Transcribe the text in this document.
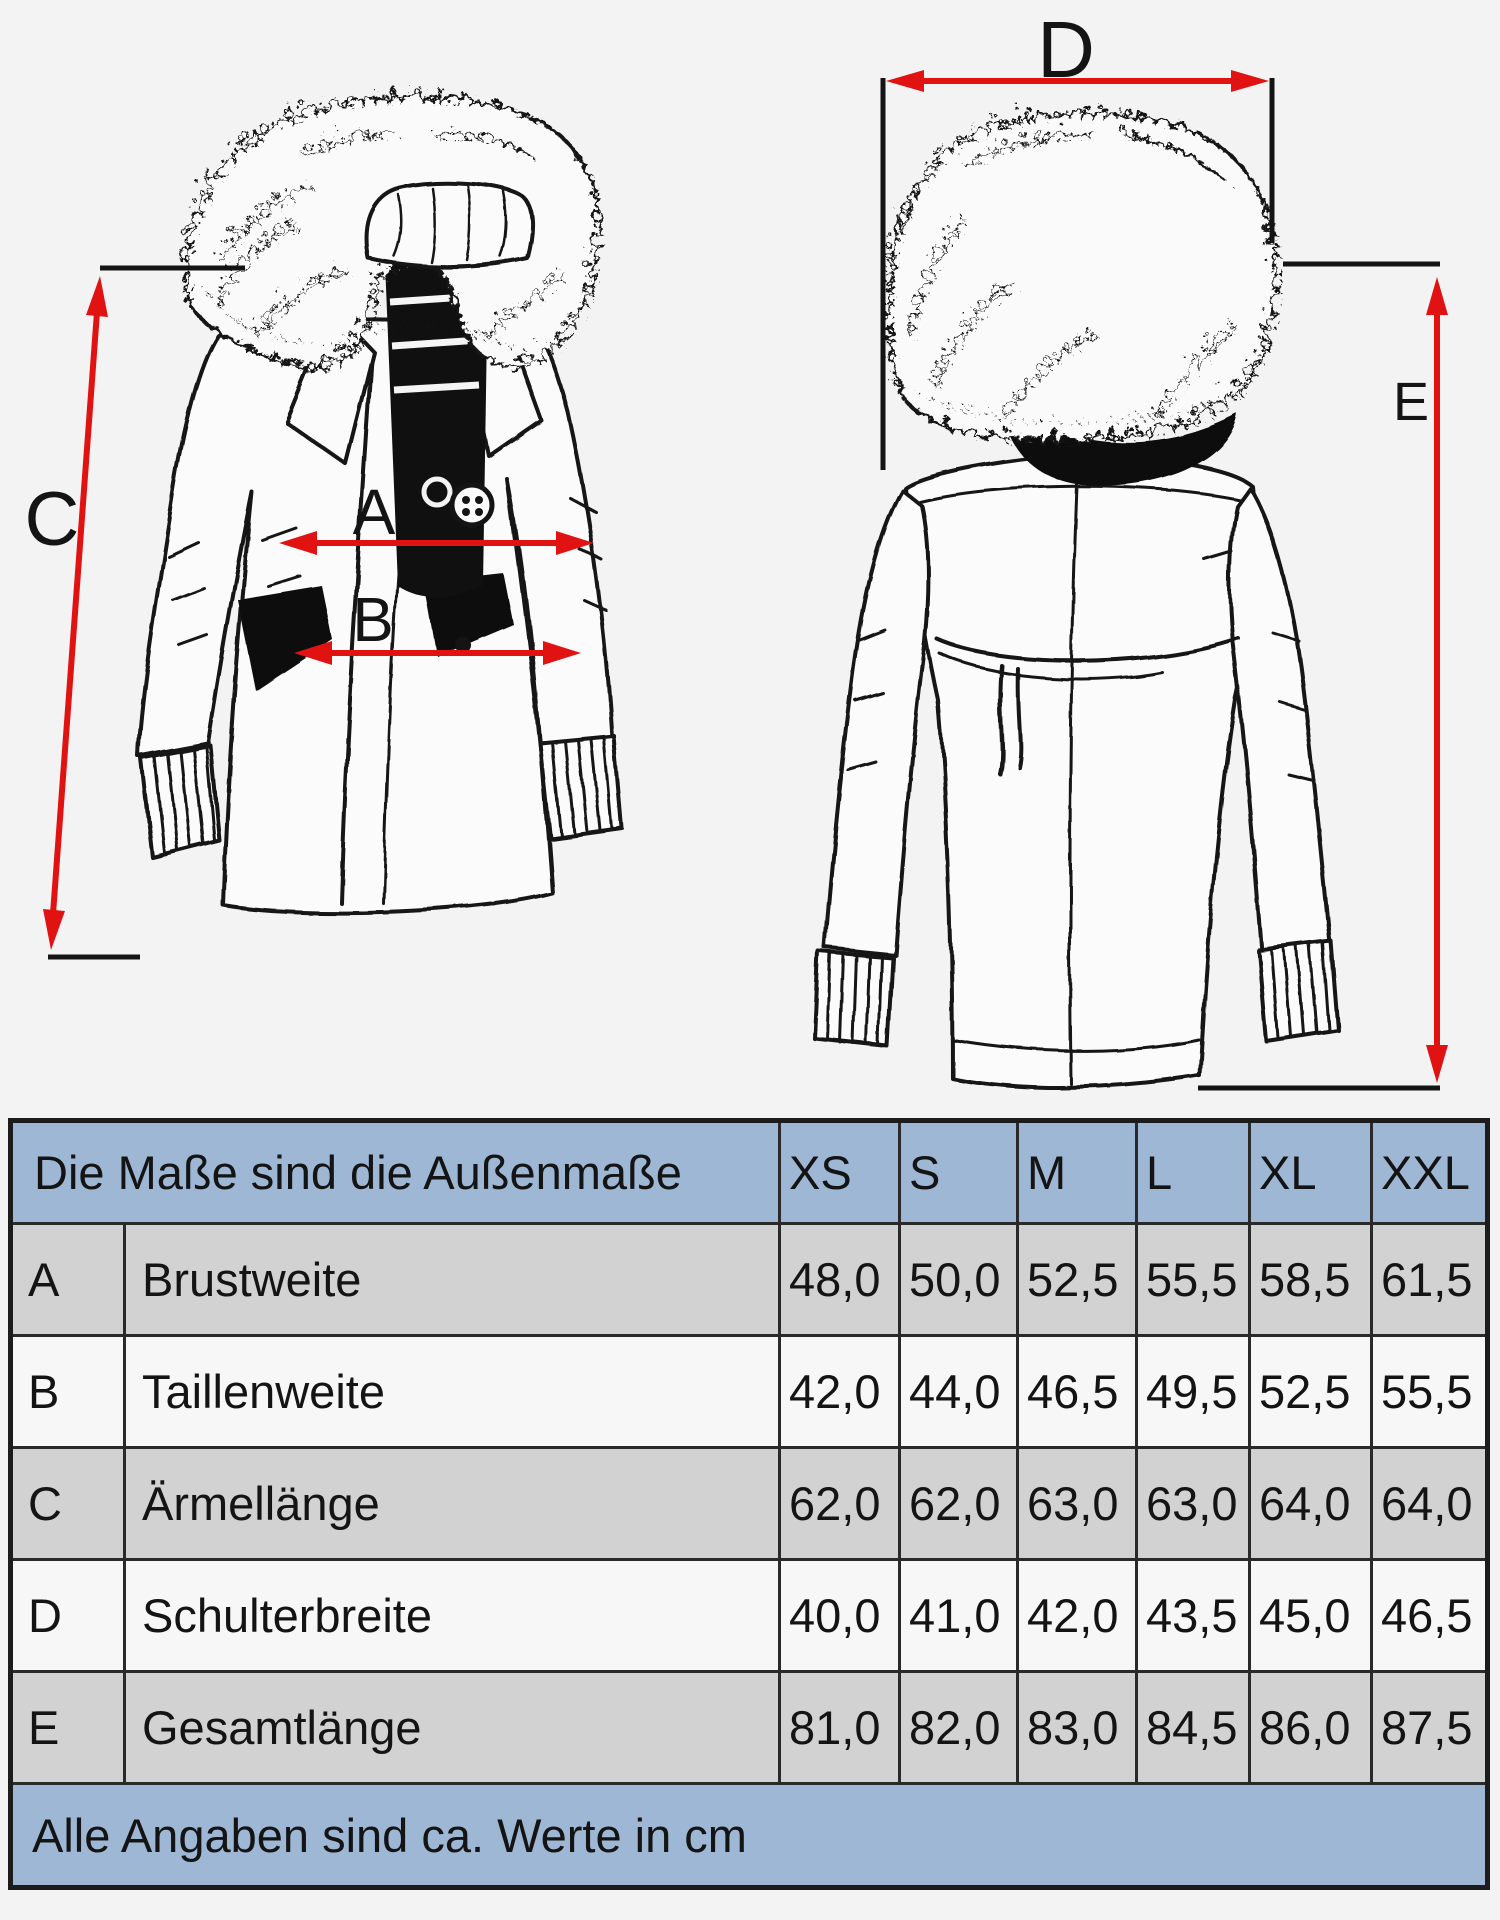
A
B
C
D
E
Die Maße sind die Außenmaße		XS	S	M	L	XL	XXL
A	Brustweite	48,0	50,0	52,5	55,5	58,5	61,5
B	Taillenweite	42,0	44,0	46,5	49,5	52,5	55,5
C	Ärmellänge	62,0	62,0	63,0	63,0	64,0	64,0
D	Schulterbreite	40,0	41,0	42,0	43,5	45,0	46,5
E	Gesamtlänge	81,0	82,0	83,0	84,5	86,0	87,5
Alle Angaben sind ca. Werte in cm							
